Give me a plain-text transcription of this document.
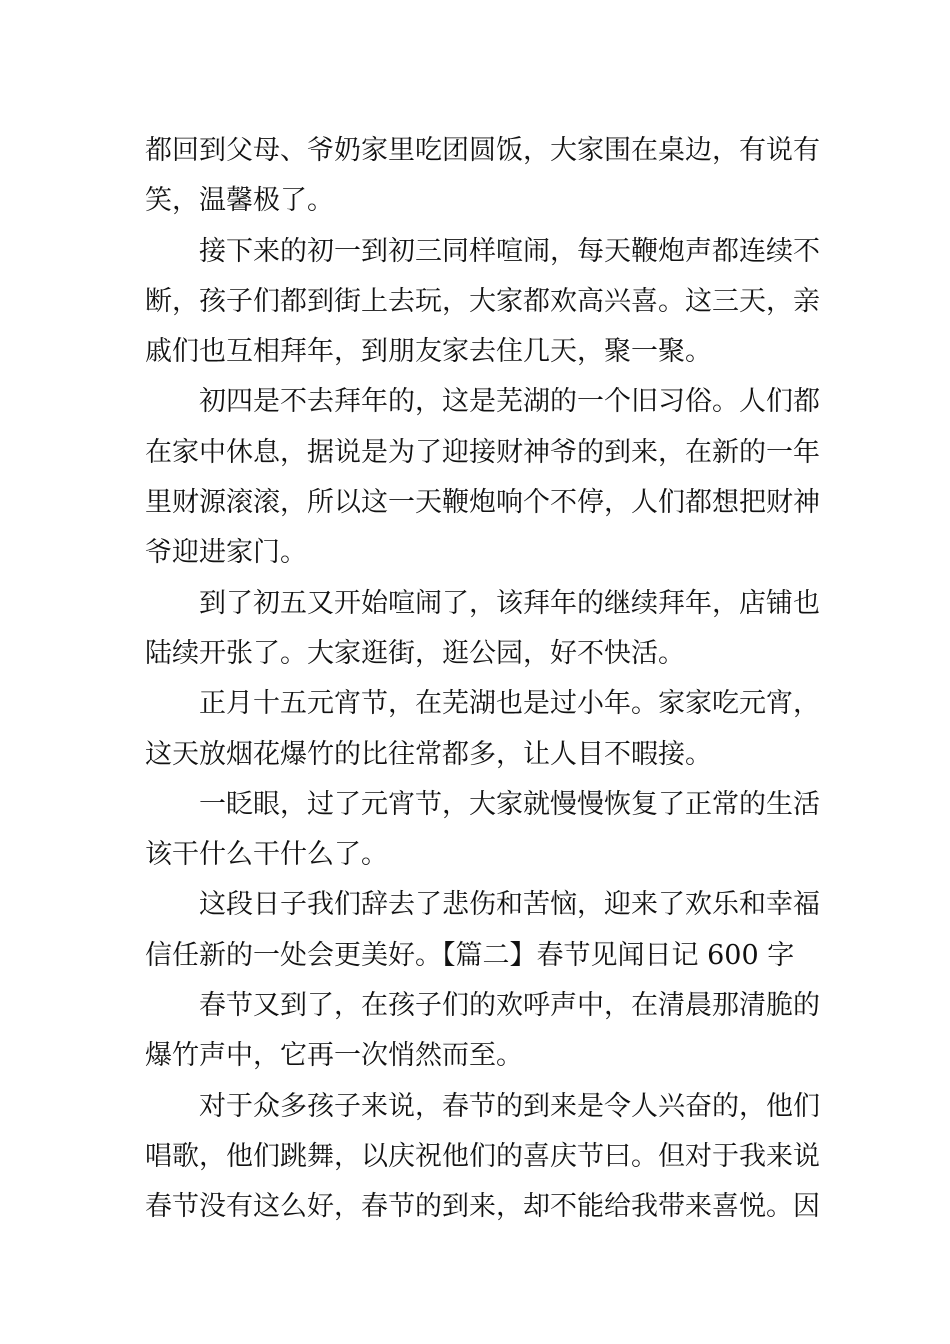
都回到父母、爷奶家里吃团圆饭，大家围在桌边，有说有
笑，温馨极了。
接下来的初一到初三同样喧闹，每天鞭炮声都连续不
断，孩子们都到街上去玩，大家都欢高兴喜。这三天，亲
戚们也互相拜年，到朋友家去住几天，聚一聚。
初四是不去拜年的，这是芜湖的一个旧习俗。人们都
在家中休息，据说是为了迎接财神爷的到来，在新的一年
里财源滚滚，所以这一天鞭炮响个不停，人们都想把财神
爷迎进家门。
到了初五又开始喧闹了，该拜年的继续拜年，店铺也
陆续开张了。大家逛街，逛公园，好不快活。
正月十五元宵节，在芜湖也是过小年。家家吃元宵，
这天放烟花爆竹的比往常都多，让人目不暇接。
一眨眼，过了元宵节，大家就慢慢恢复了正常的生活
该干什么干什么了。
这段日子我们辞去了悲伤和苦恼，迎来了欢乐和幸福
信任新的一处会更美好。【篇二】春节见闻日记 600 字
春节又到了，在孩子们的欢呼声中，在清晨那清脆的
爆竹声中，它再一次悄然而至。
对于众多孩子来说，春节的到来是令人兴奋的，他们
唱歌，他们跳舞，以庆祝他们的喜庆节曰。但对于我来说
春节没有这么好，春节的到来，却不能给我带来喜悦。因
